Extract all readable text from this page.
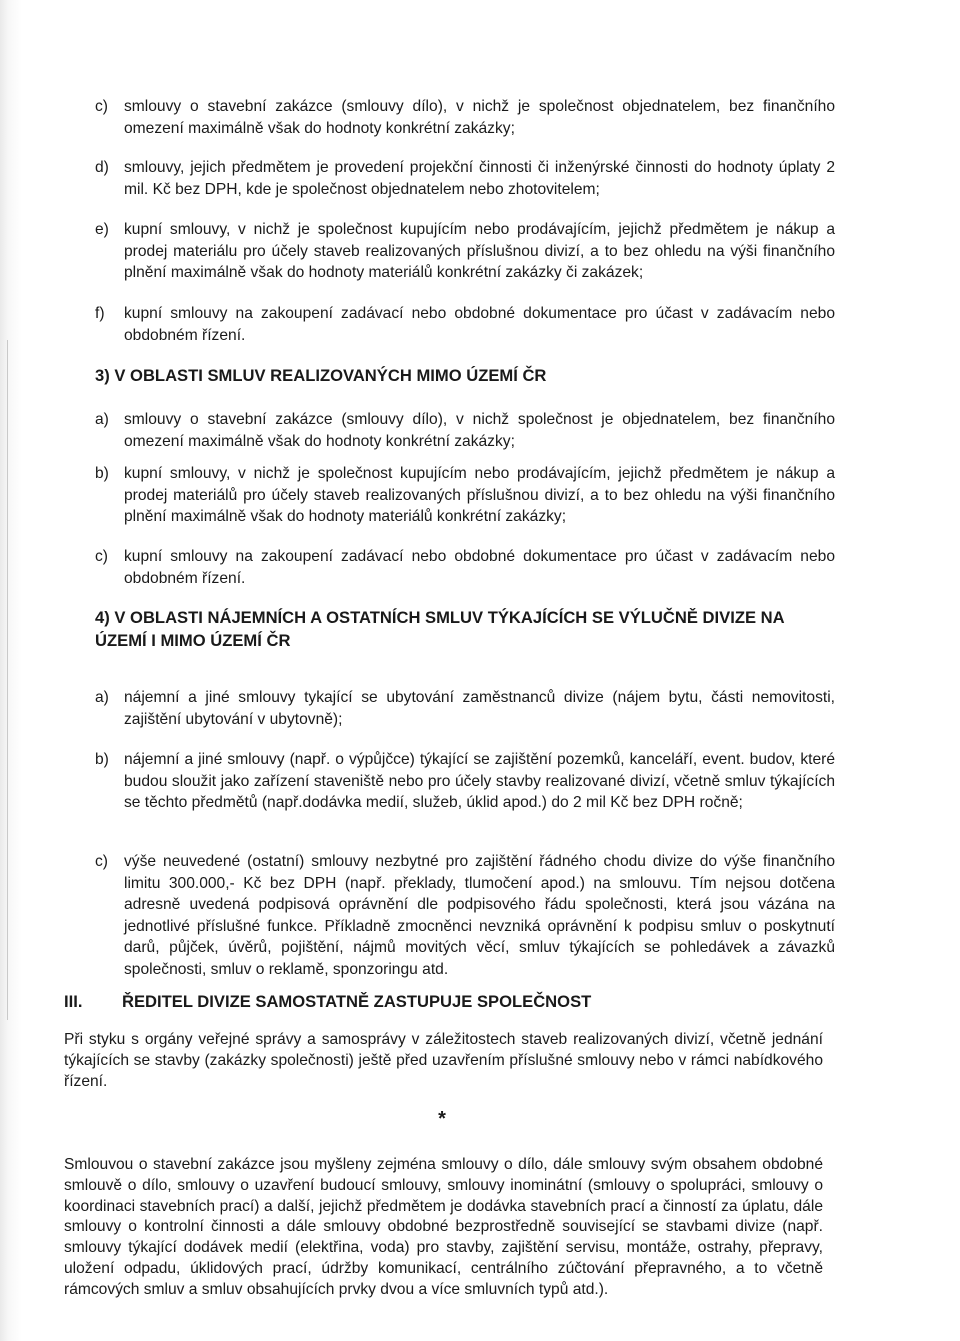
c) smlouvy o stavební zakázce (smlouvy dílo), v nichž je společnost objednatelem, bez finančního omezení maximálně však do hodnoty konkrétní zakázky;
d) smlouvy, jejich předmětem je provedení projekční činnosti či inženýrské činnosti do hodnoty úplaty 2 mil. Kč bez DPH, kde je společnost objednatelem nebo zhotovitelem;
e) kupní smlouvy, v nichž je společnost kupujícím nebo prodávajícím, jejichž předmětem je nákup a prodej materiálu pro účely staveb realizovaných příslušnou divizí, a to bez ohledu na výši finančního plnění maximálně však do hodnoty materiálů konkrétní zakázky či zakázek;
f) kupní smlouvy na zakoupení zadávací nebo obdobné dokumentace pro účast v zadávacím nebo obdobném řízení.
3) V OBLASTI SMLUV REALIZOVANÝCH MIMO ÚZEMÍ ČR
a) smlouvy o stavební zakázce (smlouvy dílo), v nichž společnost je objednatelem, bez finančního omezení maximálně však do hodnoty konkrétní zakázky;
b) kupní smlouvy, v nichž je společnost kupujícím nebo prodávajícím, jejichž předmětem je nákup a prodej materiálů pro účely staveb realizovaných příslušnou divizí, a to bez ohledu na výši finančního plnění maximálně však do hodnoty materiálů konkrétní zakázky;
c) kupní smlouvy na zakoupení zadávací nebo obdobné dokumentace pro účast v zadávacím nebo obdobném řízení.
4) V OBLASTI NÁJEMNÍCH A OSTATNÍCH SMLUV TÝKAJÍCÍCH SE VÝLUČNĚ DIVIZE NA ÚZEMÍ I MIMO ÚZEMÍ ČR
a) nájemní a jiné smlouvy tykající se ubytování zaměstnanců divize (nájem bytu, části nemovitosti, zajištění ubytování v ubytovně);
b) nájemní a jiné smlouvy (např. o výpůjčce) týkající se zajištění pozemků, kanceláří, event. budov, které budou sloužit jako zařízení staveniště nebo pro účely stavby realizované divizí, včetně smluv týkajících se těchto předmětů (např.dodávka medií, služeb, úklid apod.) do 2 mil Kč bez DPH ročně;
c) výše neuvedené (ostatní) smlouvy nezbytné pro zajištění řádného chodu divize do výše finančního limitu 300.000,- Kč bez DPH (např. překlady, tlumočení apod.) na smlouvu. Tím nejsou dotčena adresně uvedená podpisová oprávnění dle podpisového řádu společnosti, která jsou vázána na jednotlivé příslušné funkce. Příkladně zmocněnci nevzniká oprávnění k podpisu smluv o poskytnutí darů, půjček, úvěrů, pojištění, nájmů movitých věcí, smluv týkajících se pohledávek a závazků společnosti, smluv o reklamě, sponzoringu atd.
III. ŘEDITEL DIVIZE SAMOSTATNĚ ZASTUPUJE SPOLEČNOST
Při styku s orgány veřejné správy a samosprávy v záležitostech staveb realizovaných divizí, včetně jednání týkajících se stavby (zakázky společnosti) ještě před uzavřením příslušné smlouvy nebo v rámci nabídkového řízení.
*
Smlouvou o stavební zakázce jsou myšleny zejména smlouvy o dílo, dále smlouvy svým obsahem obdobné smlouvě o dílo, smlouvy o uzavření budoucí smlouvy, smlouvy inominátní (smlouvy o spolupráci, smlouvy o koordinaci stavebních prací) a další, jejichž předmětem je dodávka stavebních prací a činností za úplatu, dále smlouvy o kontrolní činnosti a dále smlouvy obdobné bezprostředně související se stavbami divize (např. smlouvy týkající dodávek medií (elektřina, voda) pro stavby, zajištění servisu, montáže, ostrahy, přepravy, uložení odpadu, úklidových prací, údržby komunikací, centrálního zúčtování přepravného, a to včetně rámcových smluv a smluv obsahujících prvky dvou a více smluvních typů atd.).
